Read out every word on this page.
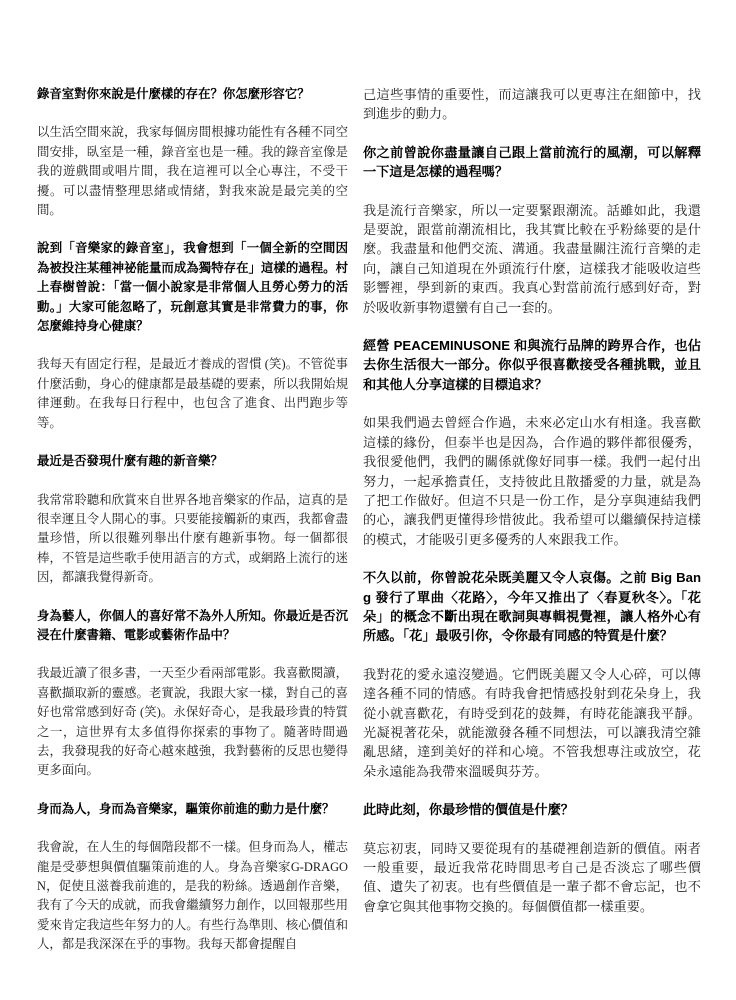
錄音室對你來說是什麼樣的存在？你怎麼形容它？

以生活空間來說，我家每個房間根據功能性有各種不同空間安排，臥室是一種，錄音室也是一種。我的錄音室像是我的遊戲間或唱片間，我在這裡可以全心專注，不受干擾。可以盡情整理思緒或情緒，對我來說是最完美的空間。

說到「音樂家的錄音室」，我會想到「一個全新的空間因為被投注某種神祕能量而成為獨特存在」這樣的過程。村上春樹曾說：「當一個小說家是非常個人且勞心勞力的活動。」大家可能忽略了，玩創意其實是非常費力的事，你怎麼維持身心健康？

我每天有固定行程，是最近才養成的習慣 (笑)。不管從事什麼活動，身心的健康都是最基礎的要素，所以我開始規律運動。在我每日行程中，也包含了進食、出門跑步等等。

最近是否發現什麼有趣的新音樂？

我常常聆聽和欣賞來自世界各地音樂家的作品，這真的是很幸運且令人開心的事。只要能接觸新的東西，我都會盡量珍惜，所以很難列舉出什麼有趣新事物。每一個都很棒，不管是這些歌手使用語言的方式，或網路上流行的迷因，都讓我覺得新奇。

身為藝人，你個人的喜好常不為外人所知。你最近是否沉浸在什麼書籍、電影或藝術作品中？

我最近讀了很多書，一天至少看兩部電影。我喜歡閱讀，喜歡擷取新的靈感。老實說，我跟大家一樣，對自己的喜好也常常感到好奇 (笑)。永保好奇心，是我最珍貴的特質之一，這世界有太多值得你探索的事物了。隨著時間過去，我發現我的好奇心越來越強，我對藝術的反思也變得更多面向。

身而為人，身而為音樂家，驅策你前進的動力是什麼？

我會說，在人生的每個階段都不一樣。但身而為人，權志龍是受夢想與價值驅策前進的人。身為音樂家G-DRAGON，促使且滋養我前進的，是我的粉絲。透過創作音樂，我有了今天的成就，而我會繼續努力創作，以回報那些用愛來肯定我這些年努力的人。有些行為準則、核心價值和人，都是我深深在乎的事物。我每天都會提醒自

己這些事情的重要性，而這讓我可以更專注在細節中，找到進步的動力。

你之前曾說你盡量讓自己跟上當前流行的風潮，可以解釋一下這是怎樣的過程嗎？

我是流行音樂家，所以一定要緊跟潮流。話雖如此，我還是要說，跟當前潮流相比，我其實比較在乎粉絲要的是什麼。我盡量和他們交流、溝通。我盡量關注流行音樂的走向，讓自己知道現在外頭流行什麼，這樣我才能吸收這些影響裡，學到新的東西。我真心對當前流行感到好奇，對於吸收新事物還蠻有自己一套的。

經營 PEACEMINUSONE 和與流行品牌的跨界合作，也佔去你生活很大一部分。你似乎很喜歡接受各種挑戰，並且和其他人分享這樣的目標追求？

如果我們過去曾經合作過，未來必定山水有相逢。我喜歡這樣的緣份，但泰半也是因為，合作過的夥伴都很優秀，我很愛他們，我們的關係就像好同事一樣。我們一起付出努力，一起承擔責任，支持彼此且散播愛的力量，就是為了把工作做好。但這不只是一份工作，是分享與連結我們的心，讓我們更懂得珍惜彼此。我希望可以繼續保持這樣的模式，才能吸引更多優秀的人來跟我工作。

不久以前，你曾說花朵既美麗又令人哀傷。之前 Big Bang 發行了單曲〈花路〉，今年又推出了〈春夏秋冬〉。「花朵」的概念不斷出現在歌詞與專輯視覺裡，讓人格外心有所感。「花」最吸引你，令你最有同感的特質是什麼？

我對花的愛永遠沒變過。它們既美麗又令人心碎，可以傳達各種不同的情感。有時我會把情感投射到花朵身上，我從小就喜歡花，有時受到花的鼓舞，有時花能讓我平靜。光凝視著花朵，就能激發各種不同想法，可以讓我清空雜亂思緒，達到美好的祥和心境。不管我想專注或放空，花朵永遠能為我帶來溫暖與芬芳。

此時此刻，你最珍惜的價值是什麼？

莫忘初衷，同時又要從現有的基礎裡創造新的價值。兩者一般重要，最近我常花時間思考自己是否淡忘了哪些價值、遺失了初衷。也有些價值是一輩子都不會忘記，也不會拿它與其他事物交換的。每個價值都一樣重要。
